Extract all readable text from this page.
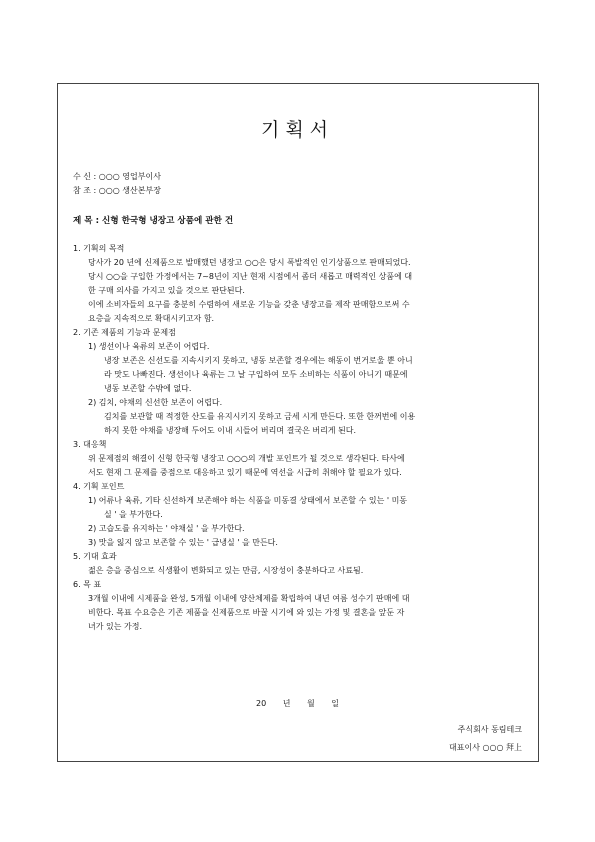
기획서
수 신 : ○○○ 영업부이사
참 조 : ○○○ 생산본부장
제 목 : 신형 한국형 냉장고 상품에 관한 건
1. 기획의 목적
당사가 20 년에 신제품으로 발매했던 냉장고 ○○은 당시 폭발적인 인기상품으로 판매되었다.
당시 ○○을 구입한 가정에서는 7~8년이 지난 현재 시점에서 좀더 새롭고 매력적인 상품에 대
한 구매 의사를 가지고 있을 것으로 판단된다.
이에 소비자들의 요구를 충분히 수렴하여 새로운 기능을 갖춘 냉장고를 제작 판매함으로써 수
요층을 지속적으로 확대시키고자 함.
2. 기존 제품의 기능과 문제점
1) 생선이나 육류의 보존이 어렵다.
냉장 보존은 신선도를 지속시키지 못하고, 냉동 보존할 경우에는 해동이 번거로울 뿐 아니
라 맛도 나빠진다. 생선이나 육류는 그 날 구입하여 모두 소비하는 식품이 아니기 때문에
냉동 보존할 수밖에 없다.
2) 김치, 야채의 신선한 보존이 어렵다.
김치를 보관할 때 적정한 산도를 유지시키지 못하고 금세 시게 만든다. 또한 한꺼번에 이용
하지 못한 야채를 냉장해 두어도 이내 시들어 버리며 결국은 버리게 된다.
3. 대응책
위 문제점의 해결이 신형 한국형 냉장고 ○○○의 개발 포인트가 될 것으로 생각된다. 타사에
서도 현재 그 문제를 중점으로 대응하고 있기 때문에 역선을 시급히 취해야 할 필요가 있다.
4. 기획 포인트
1) 어류나 육류, 기타 신선하게 보존해야 하는 식품을 미동결 상태에서 보존할 수 있는 ' 미동
실 ' 을 부가한다.
2) 고습도를 유지하는 ' 야채실 ' 을 부가한다.
3) 맛을 잃지 않고 보존할 수 있는 ' 급냉실 ' 을 만든다.
5. 기대 효과
젊은 층을 중심으로 식생활이 변화되고 있는 만큼, 시장성이 충분하다고 사료됨.
6. 목 표
3개월 이내에 시제품을 완성, 5개월 이내에 양산체제를 확립하여 내년 여름 성수기 판매에 대
비한다. 목표 수요층은 기존 제품을 신제품으로 바꿀 시기에 와 있는 가정 및 결혼을 앞둔 자
녀가 있는 가정.
20 년 월 일
주식회사 동림테크
대표이사 ○○○ 拜上
